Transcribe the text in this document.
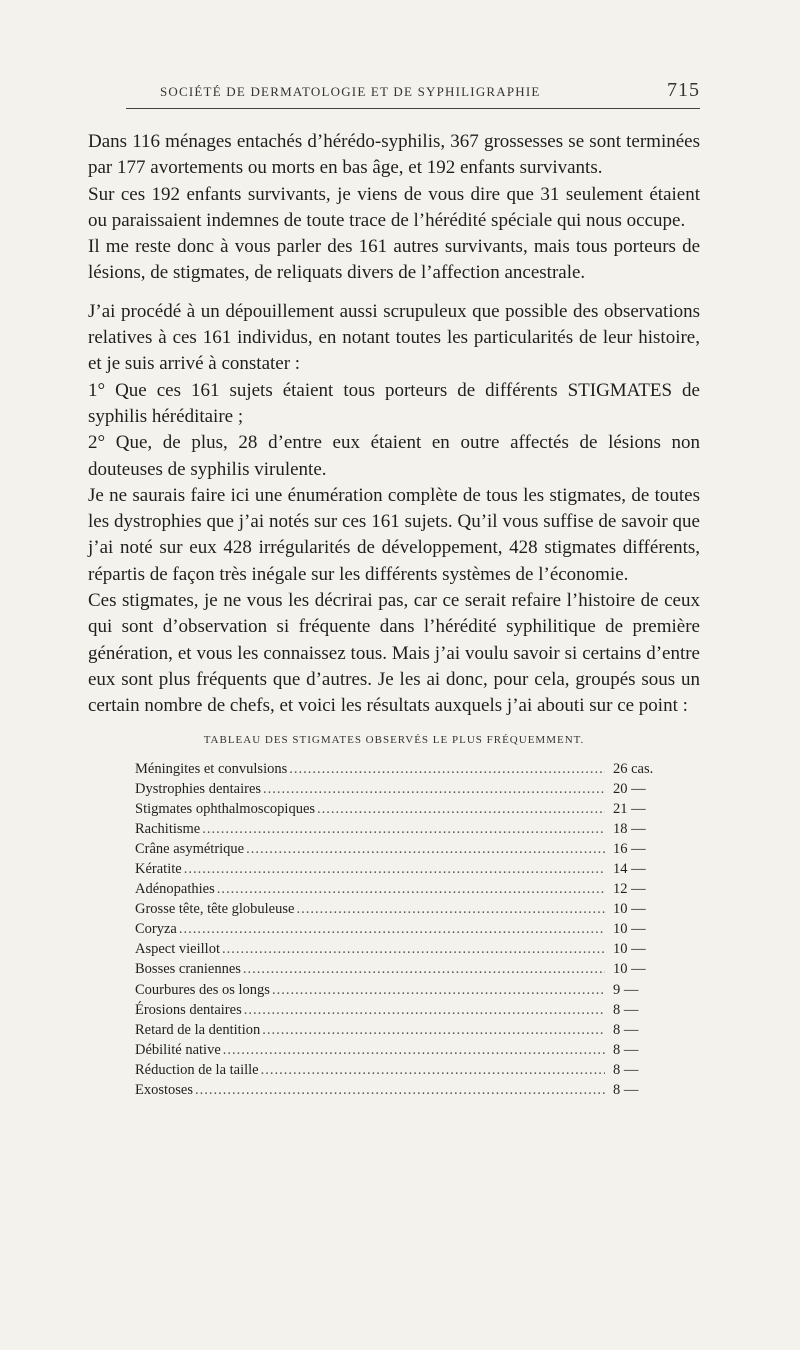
SOCIÉTÉ DE DERMATOLOGIE ET DE SYPHILIGRAPHIE	715

Dans 116 ménages entachés d’hérédo-syphilis, 367 grossesses se sont terminées par 177 avortements ou morts en bas âge, et 192 enfants survivants.

Sur ces 192 enfants survivants, je viens de vous dire que 31 seulement étaient ou paraissaient indemnes de toute trace de l’hérédité spéciale qui nous occupe.

Il me reste donc à vous parler des 161 autres survivants, mais tous porteurs de lésions, de stigmates, de reliquats divers de l’affection ancestrale.

J’ai procédé à un dépouillement aussi scrupuleux que possible des observations relatives à ces 161 individus, en notant toutes les particularités de leur histoire, et je suis arrivé à constater :

1° Que ces 161 sujets étaient tous porteurs de différents STIGMATES de syphilis héréditaire ;

2° Que, de plus, 28 d’entre eux étaient en outre affectés de lésions non douteuses de syphilis virulente.

Je ne saurais faire ici une énumération complète de tous les stigmates, de toutes les dystrophies que j’ai notés sur ces 161 sujets. Qu’il vous suffise de savoir que j’ai noté sur eux 428 irrégularités de développement, 428 stigmates différents, répartis de façon très inégale sur les différents systèmes de l’économie.

Ces stigmates, je ne vous les décrirai pas, car ce serait refaire l’histoire de ceux qui sont d’observation si fréquente dans l’hérédité syphilitique de première génération, et vous les connaissez tous. Mais j’ai voulu savoir si certains d’entre eux sont plus fréquents que d’autres. Je les ai donc, pour cela, groupés sous un certain nombre de chefs, et voici les résultats auxquels j’ai abouti sur ce point :

TABLEAU DES STIGMATES OBSERVÉS LE PLUS FRÉQUEMMENT.
Méningites et convulsions .....	26 cas.
Dystrophies dentaires .....	20 —
Stigmates ophthalmoscopiques .....	21 —
Rachitisme .....	18 —
Crâne asymétrique .....	16 —
Kératite .....	14 —
Adénopathies .....	12 —
Grosse tête, tête globuleuse .....	10 —
Coryza .....	10 —
Aspect vieillot .....	10 —
Bosses craniennes .....	10 —
Courbures des os longs .....	9 —
Érosions dentaires .....	8 —
Retard de la dentition .....	8 —
Débilité native .....	8 —
Réduction de la taille .....	8 —
Exostoses .....	8 —
